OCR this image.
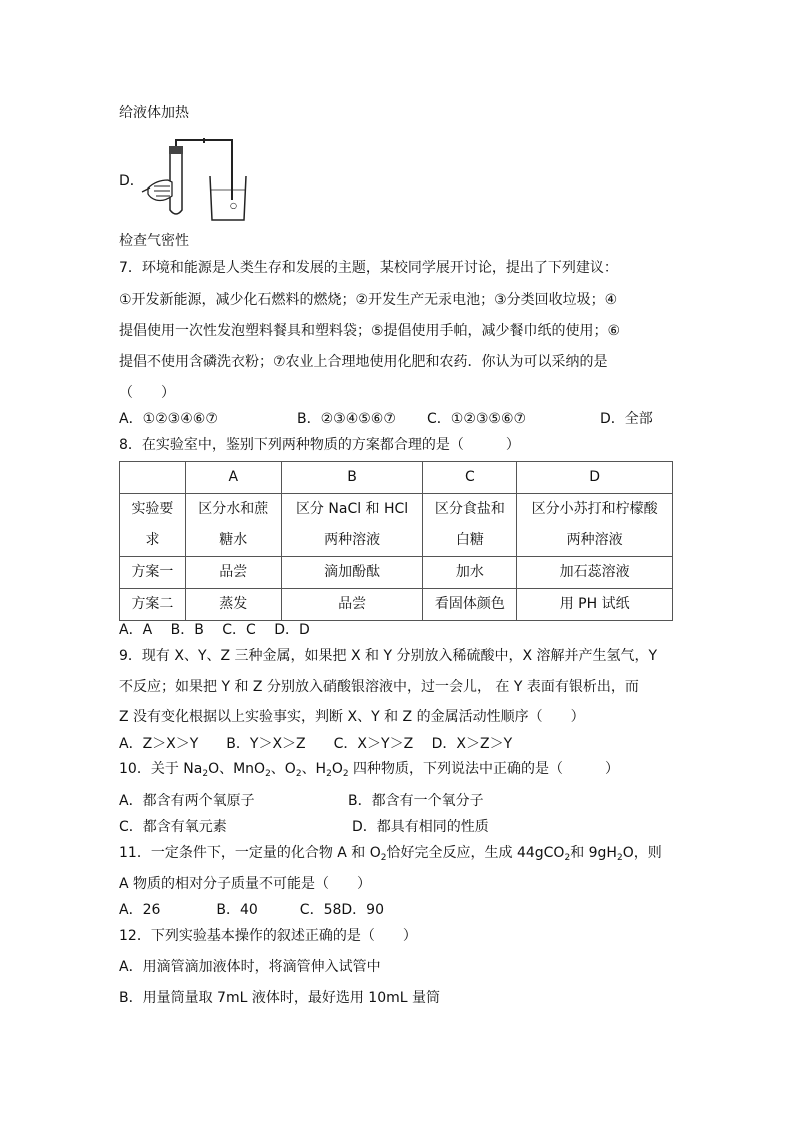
给液体加热
D．
○
检查气密性
7．环境和能源是人类生存和发展的主题，某校同学展开讨论，提出了下列建议：
①开发新能源，减少化石燃料的燃烧；②开发生产无汞电池；③分类回收垃圾；④
提倡使用一次性发泡塑料餐具和塑料袋；⑤提倡使用手帕，减少餐巾纸的使用；⑥
提倡不使用含磷洗衣粉；⑦农业上合理地使用化肥和农药．你认为可以采纳的是
（　　）
A．①②③④⑥⑦	B．②③④⑤⑥⑦ C．①②③⑤⑥⑦	D．全部
8．在实验室中，鉴别下列两种物质的方案都合理的是（　　　）
	A	B	C	D
实验要
求	区分水和蔗
糖水	区分 NaCl 和 HCl
两种溶液	区分食盐和
白糖	区分小苏打和柠檬酸
两种溶液
方案一	品尝	滴加酚酞	加水	加石蕊溶液
方案二	蒸发	品尝	看固体颜色	用 PH 试纸
A．A　 B．B　 C．C　 D．D
9．现有 X、Y、Z 三种金属，如果把 X 和 Y 分别放入稀硫酸中，X 溶解并产生氢气，Y
不反应；如果把 Y 和 Z 分别放入硝酸银溶液中，过一会儿， 在 Y 表面有银析出，而
Z 没有变化根据以上实验事实，判断 X、Y 和 Z 的金属活动性顺序（　　）
A．Z＞X＞Y　　B．Y＞X＞Z　　C．X＞Y＞Z　 D．X＞Z＞Y
10．关于 $Na_2O$、MnO$_2$、$O_2$、$H_2O_2$ 四种物质，下列说法中正确的是（　　　）
A．都含有两个氧原子	B．都含有一个氧分子
C．都含有氧元素	D．都具有相同的性质
11．一定条件下，一定量的化合物 A 和 $O_2$恰好完全反应，生成 44gCO$_2$和 $9gH_2O$，则
A 物质的相对分子质量不可能是（　　）
A．26　　　　B．40　　　C．58D．90
12．下列实验基本操作的叙述正确的是（　　）
A．用滴管滴加液体时，将滴管伸入试管中
B．用量筒量取 7mL 液体时，最好选用 10mL 量筒
